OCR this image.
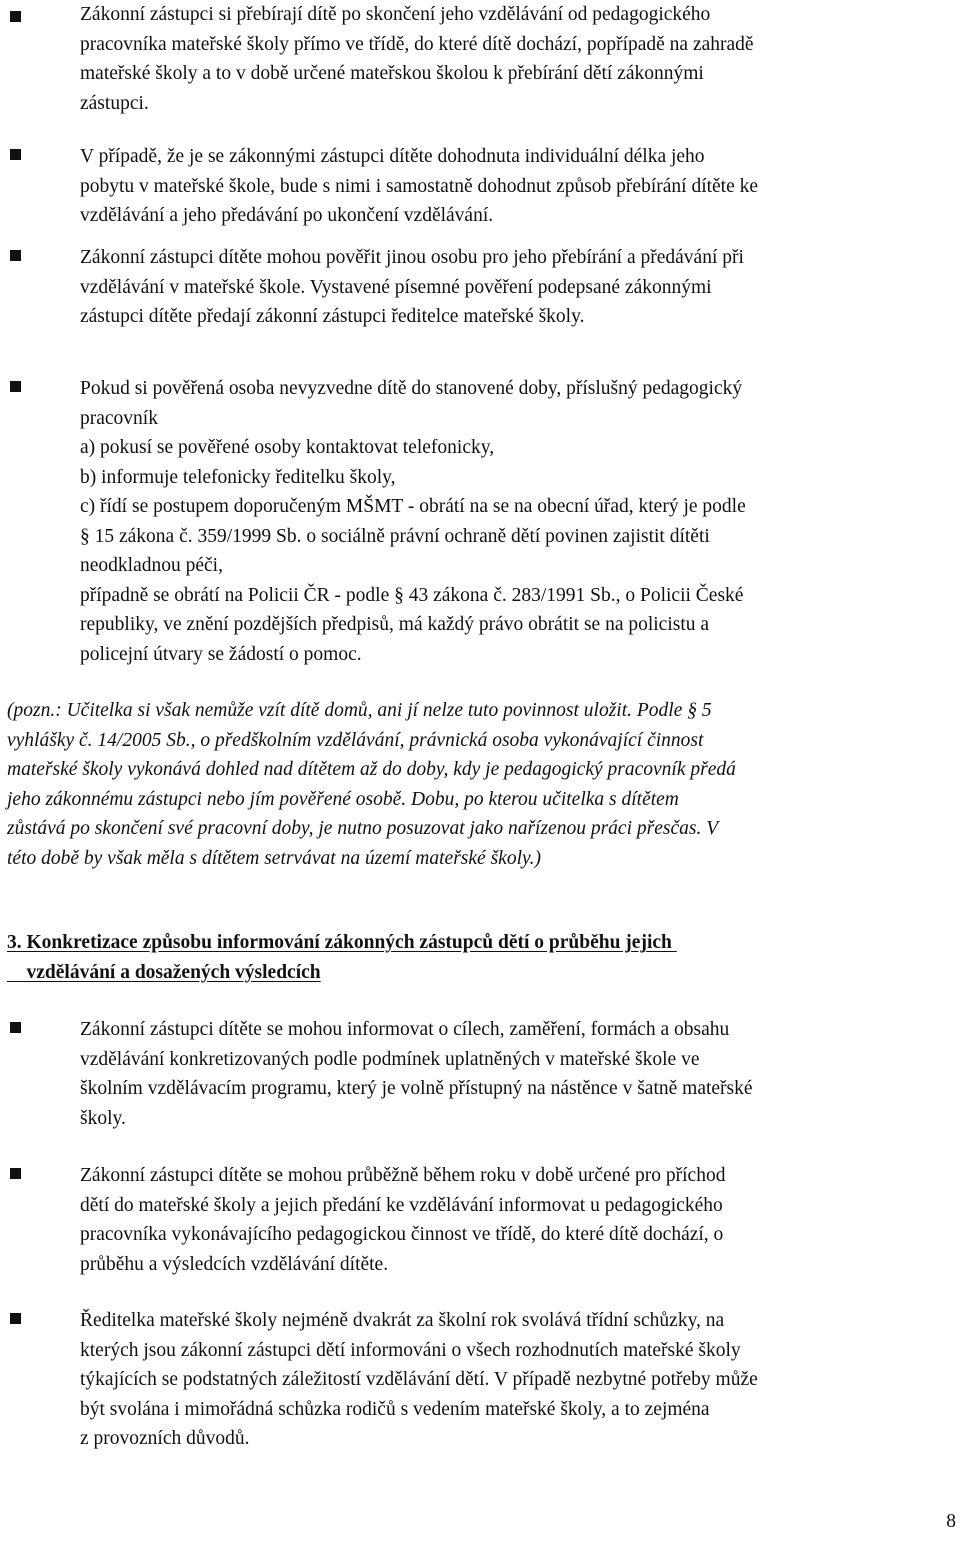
Zákonní zástupci si přebírají dítě po skončení jeho vzdělávání od pedagogického
pracovníka mateřské školy přímo ve třídě, do které dítě dochází, popřípadě na zahradě
mateřské školy a to v době určené mateřskou školou k přebírání dětí zákonnými
zástupci.
V případě, že je se zákonnými zástupci dítěte dohodnuta individuální délka jeho
pobytu v mateřské škole, bude s nimi i samostatně dohodnut způsob přebírání dítěte ke
vzdělávání a jeho předávání po ukončení vzdělávání.
Zákonní zástupci dítěte mohou pověřit jinou osobu pro jeho přebírání a předávání při
vzdělávání v mateřské škole. Vystavené písemné pověření podepsané zákonnými
zástupci dítěte předají zákonní zástupci ředitelce mateřské školy.
Pokud si pověřená osoba nevyzvedne dítě do stanovené doby, příslušný pedagogický
pracovník
a) pokusí se pověřené osoby kontaktovat telefonicky,
b) informuje telefonicky ředitelku školy,
c) řídí se postupem doporučeným MŠMT - obrátí na se na obecní úřad, který je podle
§ 15 zákona č. 359/1999 Sb. o sociálně právní ochraně dětí povinen zajistit dítěti
neodkladnou péči,
případně se obrátí na Policii ČR - podle § 43 zákona č. 283/1991 Sb., o Policii České
republiky, ve znění pozdějších předpisů, má každý právo obrátit se na policistu a
policejní útvary se žádostí o pomoc.
(pozn.: Učitelka si však nemůže vzít dítě domů, ani jí nelze tuto povinnost uložit. Podle § 5
vyhlášky č. 14/2005 Sb., o předškolním vzdělávání, právnická osoba vykonávající činnost
mateřské školy vykonává dohled nad dítětem až do doby, kdy je pedagogický pracovník předá
jeho zákonnému zástupci nebo jím pověřené osobě. Dobu, po kterou učitelka s dítětem
zůstává po skončení své pracovní doby, je nutno posuzovat jako nařízenou práci přesčas. V
této době by však měla s dítětem setrvávat na území mateřské školy.)
3. Konkretizace způsobu informování zákonných zástupců dětí o průběhu jejich
vzdělávání a dosažených výsledcích
Zákonní zástupci dítěte se mohou informovat o cílech, zaměření, formách a obsahu
vzdělávání konkretizovaných podle podmínek uplatněných v mateřské škole ve
školním vzdělávacím programu, který je volně přístupný na nástěnce v šatně mateřské
školy.
Zákonní zástupci dítěte se mohou průběžně během roku v době určené pro příchod
dětí do mateřské školy a jejich předání ke vzdělávání informovat u pedagogického
pracovníka vykonávajícího pedagogickou činnost ve třídě, do které dítě dochází, o
průběhu a výsledcích vzdělávání dítěte.
Ředitelka mateřské školy nejméně dvakrát za školní rok svolává třídní schůzky, na
kterých jsou zákonní zástupci dětí informováni o všech rozhodnutích mateřské školy
týkajících se podstatných záležitostí vzdělávání dětí. V případě nezbytné potřeby může
být svolána i mimořádná schůzka rodičů s vedením mateřské školy, a to zejména
z provozních důvodů.
8
